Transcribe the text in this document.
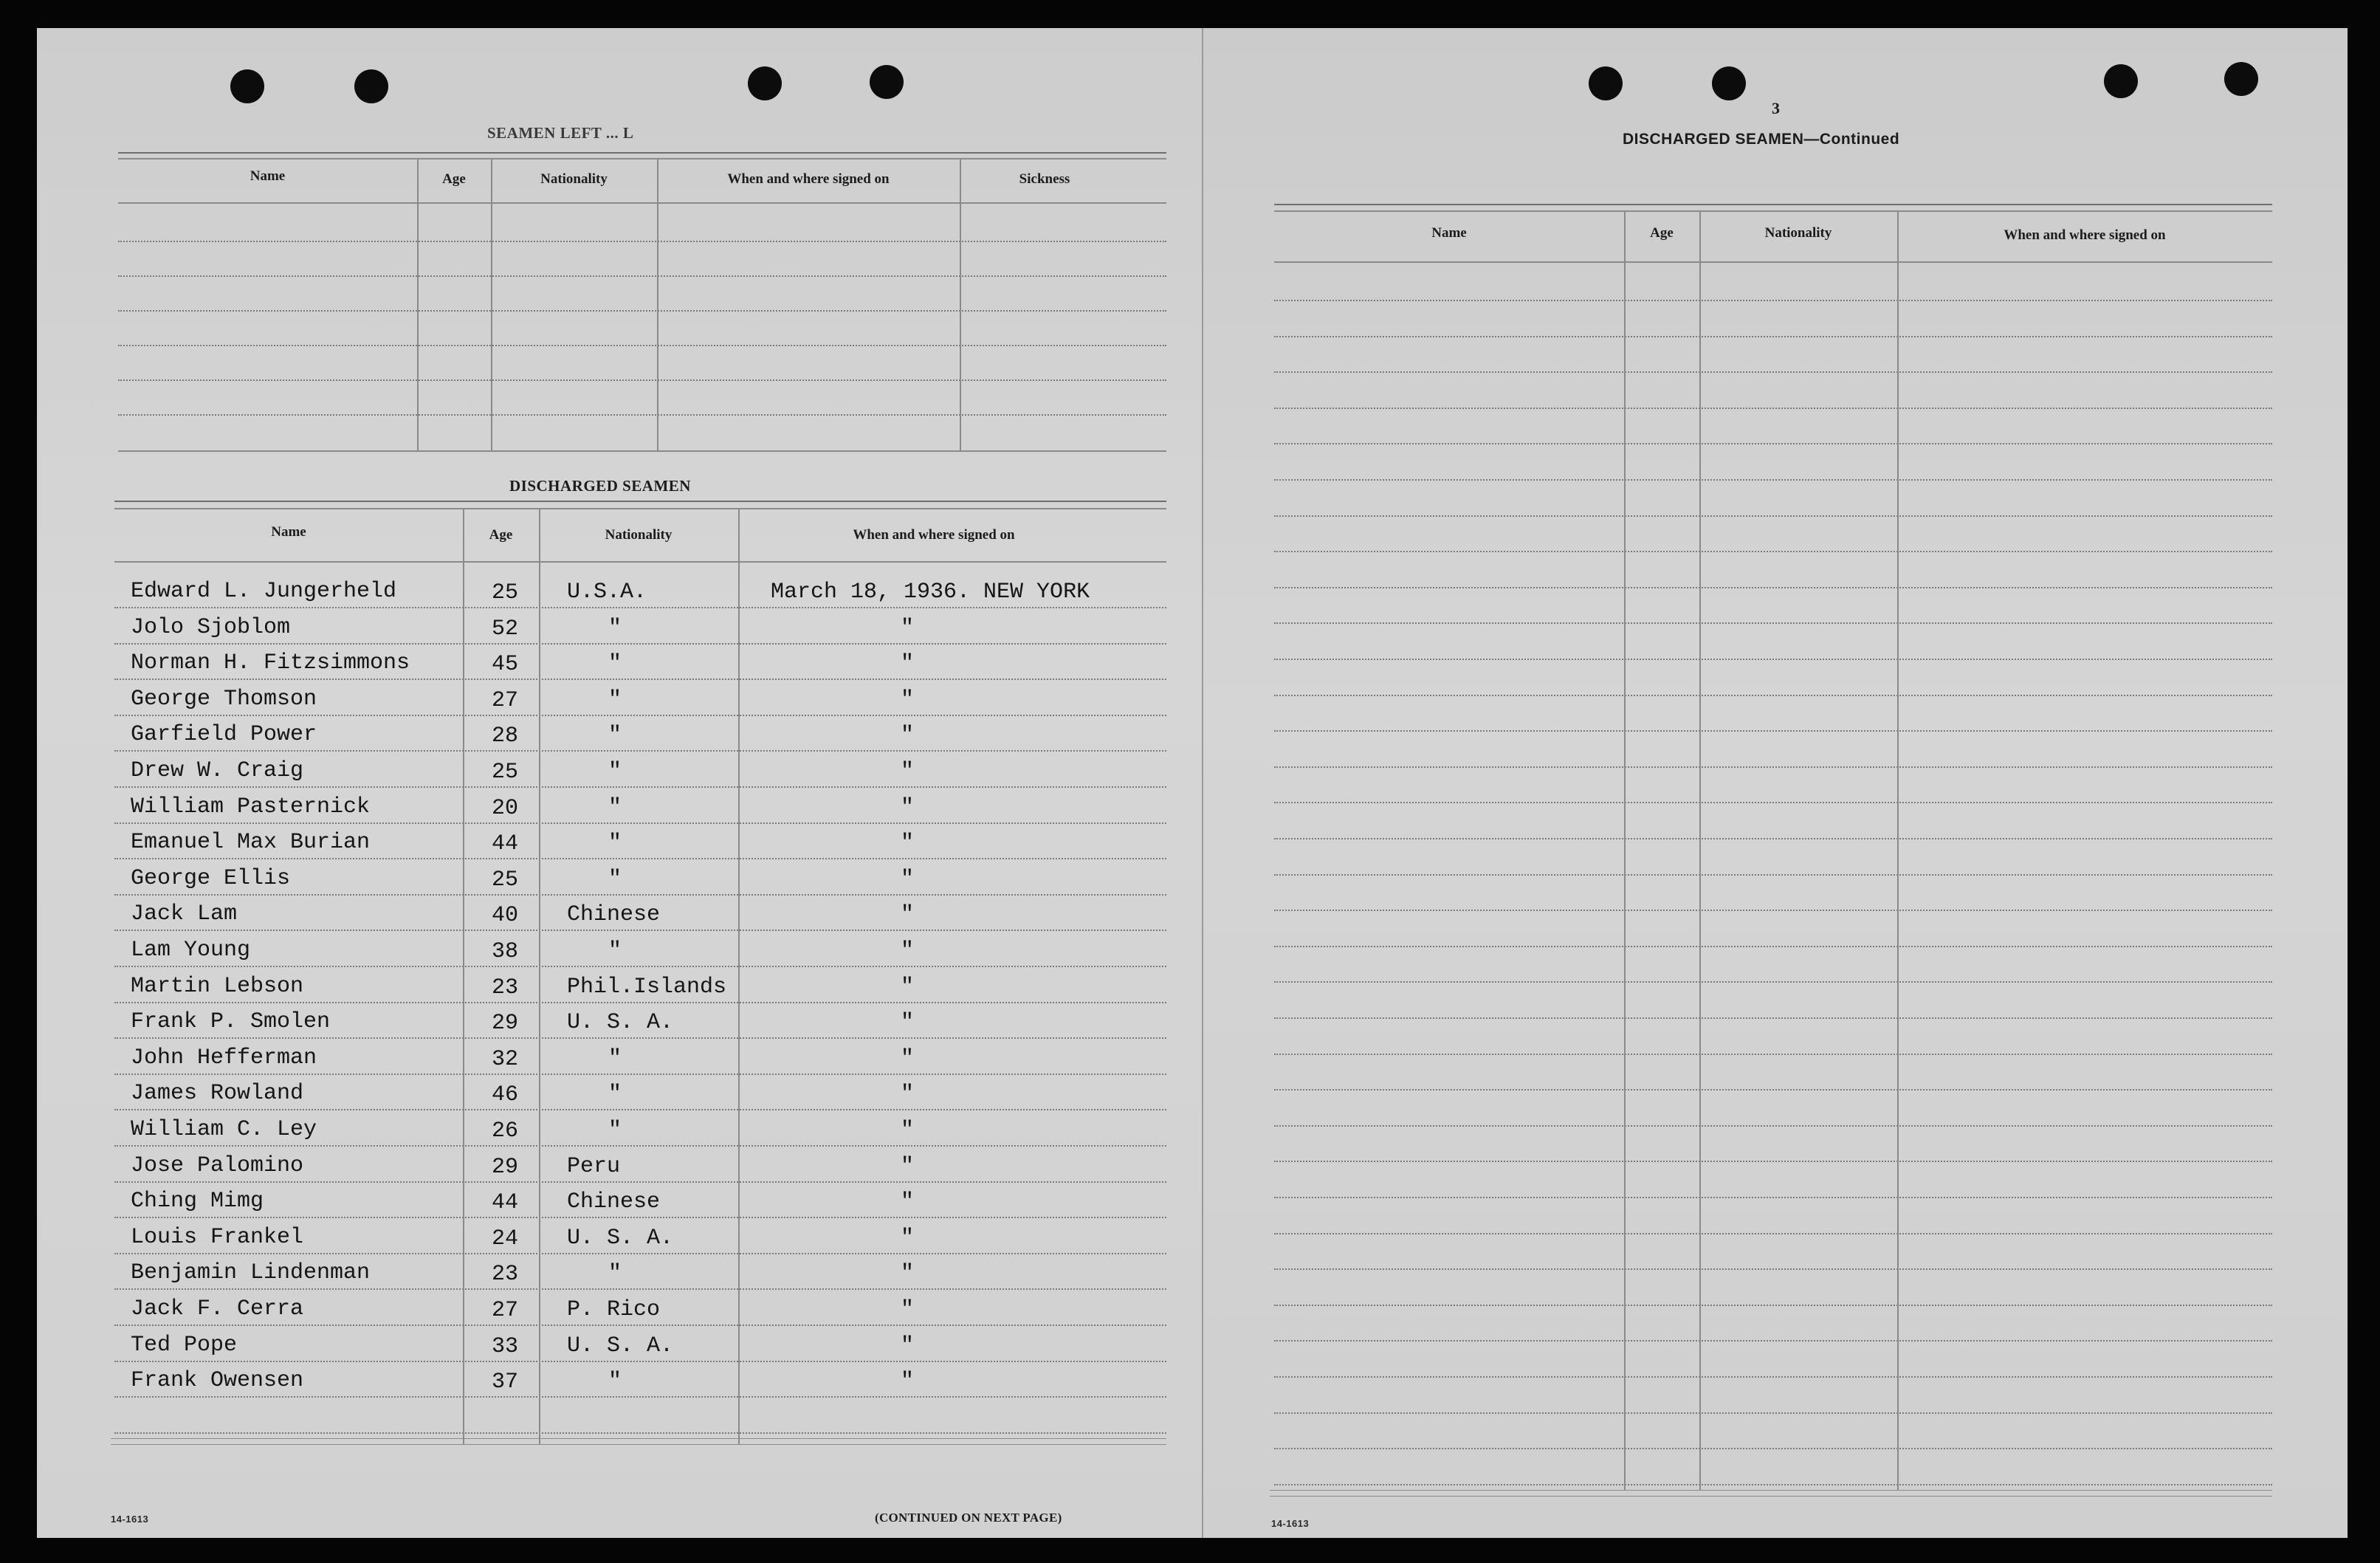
SEAMEN LEFT ... L
Name	Age	Nationality	When and where signed on	Sickness
DISCHARGED SEAMEN
Name	Age	Nationality	When and where signed on
Edward L. Jungerheld	25 U.S.A.	March 18, 1936. NEW YORK
Jolo Sjoblom	52	"	"
Norman H. Fitzsimmons	45	"	"
George Thomson	27	"	"
Garfield Power	28	"	"
Drew W. Craig	25	"	"
William Pasternick	20	"	"
Emanuel Max Burian	44	"	"
George Ellis	25	"	"
Jack Lam	40 Chinese	"
Lam Young	38	"	"
Martin Lebson	23 Phil.Islands	"
Frank P. Smolen	29 U. S. A.	"
John Hefferman	32	"	"
James Rowland	46	"	"
William C. Ley	26	"	"
Jose Palomino	29 Peru	"
Ching Mimg	44 Chinese	"
Louis Frankel	24 U. S. A.	"
Benjamin Lindenman	23	"	"
Jack F. Cerra	27 P. Rico	"
Ted Pope	33 U. S. A.	"
Frank Owensen	37	"	"
14-1613	(CONTINUED ON NEXT PAGE)
3
DISCHARGED SEAMEN—Continued
Name	Age	Nationality	When and where signed on
14-1613
